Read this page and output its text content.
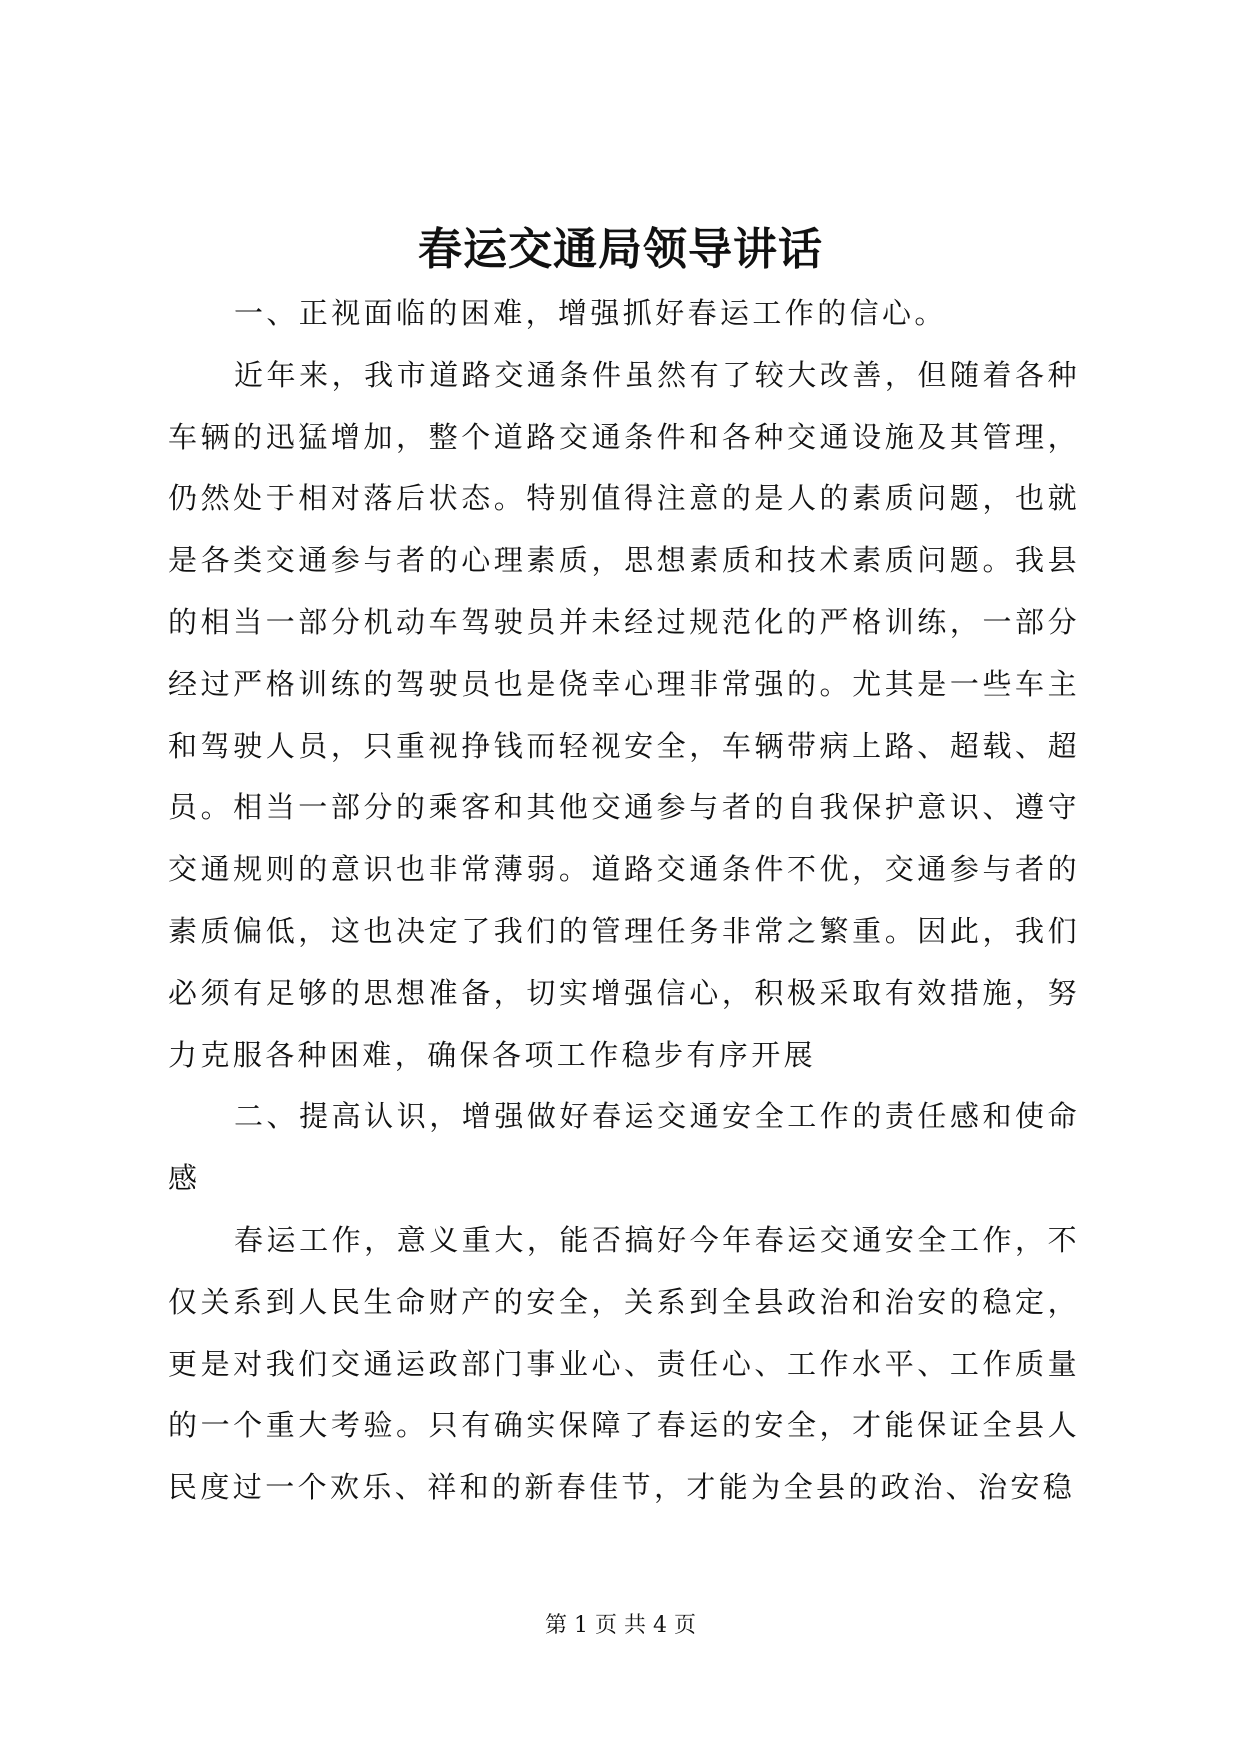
春运交通局领导讲话

一、正视面临的困难，增强抓好春运工作的信心。

近年来，我市道路交通条件虽然有了较大改善，但随着各种车辆的迅猛增加，整个道路交通条件和各种交通设施及其管理，仍然处于相对落后状态。特别值得注意的是人的素质问题，也就是各类交通参与者的心理素质，思想素质和技术素质问题。我县的相当一部分机动车驾驶员并未经过规范化的严格训练，一部分经过严格训练的驾驶员也是侥幸心理非常强的。尤其是一些车主和驾驶人员，只重视挣钱而轻视安全，车辆带病上路、超载、超员。相当一部分的乘客和其他交通参与者的自我保护意识、遵守交通规则的意识也非常薄弱。道路交通条件不优，交通参与者的素质偏低，这也决定了我们的管理任务非常之繁重。因此，我们必须有足够的思想准备，切实增强信心，积极采取有效措施，努力克服各种困难，确保各项工作稳步有序开展

二、提高认识，增强做好春运交通安全工作的责任感和使命感

春运工作，意义重大，能否搞好今年春运交通安全工作，不仅关系到人民生命财产的安全，关系到全县政治和治安的稳定，更是对我们交通运政部门事业心、责任心、工作水平、工作质量的一个重大考验。只有确实保障了春运的安全，才能保证全县人民度过一个欢乐、祥和的新春佳节，才能为全县的政治、治安稳

第 1 页 共 4 页
